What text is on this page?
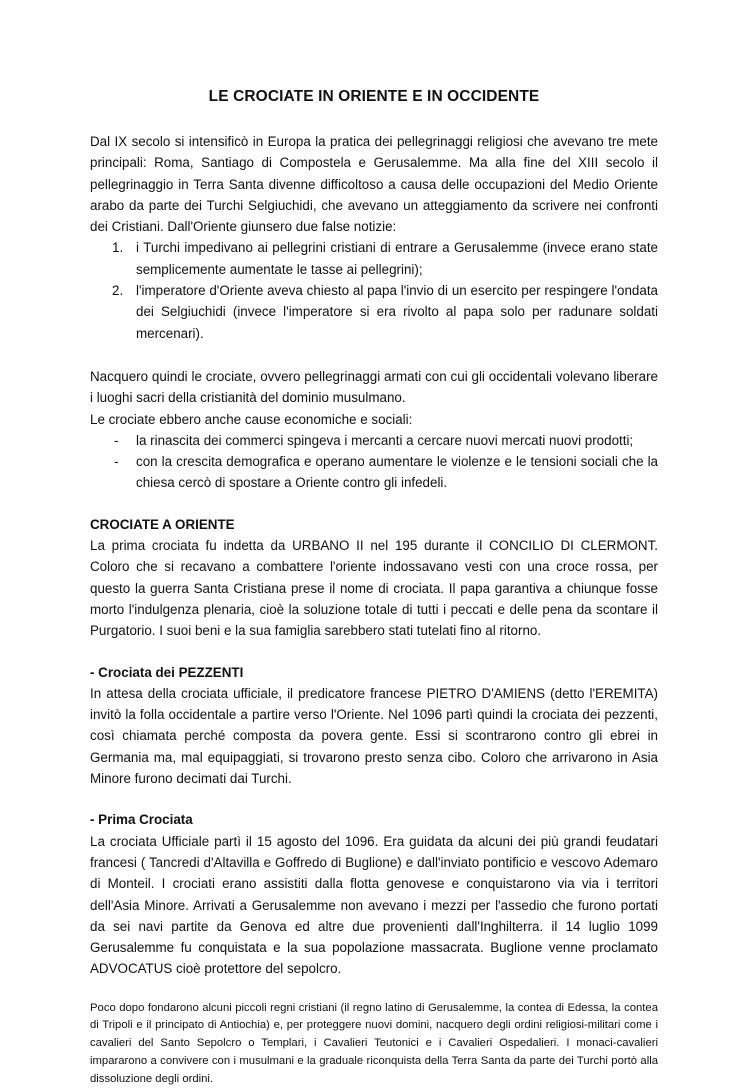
LE CROCIATE IN ORIENTE E IN OCCIDENTE

Dal IX secolo si intensificò in Europa la pratica dei pellegrinaggi religiosi che avevano tre mete principali: Roma, Santiago di Compostela e Gerusalemme. Ma alla fine del XIII secolo il pellegrinaggio in Terra Santa divenne difficoltoso a causa delle occupazioni del Medio Oriente arabo da parte dei Turchi Selgiuchidi, che avevano un atteggiamento da scrivere nei confronti dei Cristiani. Dall'Oriente giunsero due false notizie:

1. i Turchi impedivano ai pellegrini cristiani di entrare a Gerusalemme (invece erano state semplicemente aumentate le tasse ai pellegrini);
2. l'imperatore d'Oriente aveva chiesto al papa l'invio di un esercito per respingere l'ondata dei Selgiuchidi (invece l'imperatore si era rivolto al papa solo per radunare soldati mercenari).

Nacquero quindi le crociate, ovvero pellegrinaggi armati con cui gli occidentali volevano liberare i luoghi sacri della cristianità del dominio musulmano.

Le crociate ebbero anche cause economiche e sociali:

- la rinascita dei commerci spingeva i mercanti a cercare nuovi mercati nuovi prodotti;
- con la crescita demografica e operano aumentare le violenze e le tensioni sociali che la chiesa cercò di spostare a Oriente contro gli infedeli.
CROCIATE A ORIENTE

La prima crociata fu indetta da URBANO II nel 195 durante il CONCILIO DI CLERMONT. Coloro che si recavano a combattere l'oriente indossavano vesti con una croce rossa, per questo la guerra Santa Cristiana prese il nome di crociata. Il papa garantiva a chiunque fosse morto l'indulgenza plenaria, cioè la soluzione totale di tutti i peccati e delle pena da scontare il Purgatorio. I suoi beni e la sua famiglia sarebbero stati tutelati fino al ritorno.

- Crociata dei PEZZENTI

In attesa della crociata ufficiale, il predicatore francese PIETRO D'AMIENS (detto l'EREMITA) invitò la folla occidentale a partire verso l'Oriente. Nel 1096 partì quindi la crociata dei pezzenti, così chiamata perché composta da povera gente. Essi si scontrarono contro gli ebrei in Germania ma, mal equipaggiati, si trovarono presto senza cibo. Coloro che arrivarono in Asia Minore furono decimati dai Turchi.

- Prima Crociata

La crociata Ufficiale partì il 15 agosto del 1096. Era guidata da alcuni dei più grandi feudatari francesi ( Tancredi d'Altavilla e Goffredo di Buglione) e dall'inviato pontificio e vescovo Ademaro di Monteil. I crociati erano assistiti dalla flotta genovese e conquistarono via via i territori dell'Asia Minore. Arrivati a Gerusalemme non avevano i mezzi per l'assedio che furono portati da sei navi partite da Genova ed altre due provenienti dall'Inghilterra. il 14 luglio 1099 Gerusalemme fu conquistata e la sua popolazione massacrata. Buglione venne proclamato ADVOCATUS cioè protettore del sepolcro.

Poco dopo fondarono alcuni piccoli regni cristiani (il regno latino di Gerusalemme, la contea di Edessa, la contea di Tripoli e il principato di Antiochia) e, per proteggere nuovi domini, nacquero degli ordini religiosi-militari come i cavalieri del Santo Sepolcro o Templari, i Cavalieri Teutonici e i Cavalieri Ospedalieri. I monaci-cavalieri impararono a convivere con i musulmani e la graduale riconquista della Terra Santa da parte dei Turchi portò alla dissoluzione degli ordini.
